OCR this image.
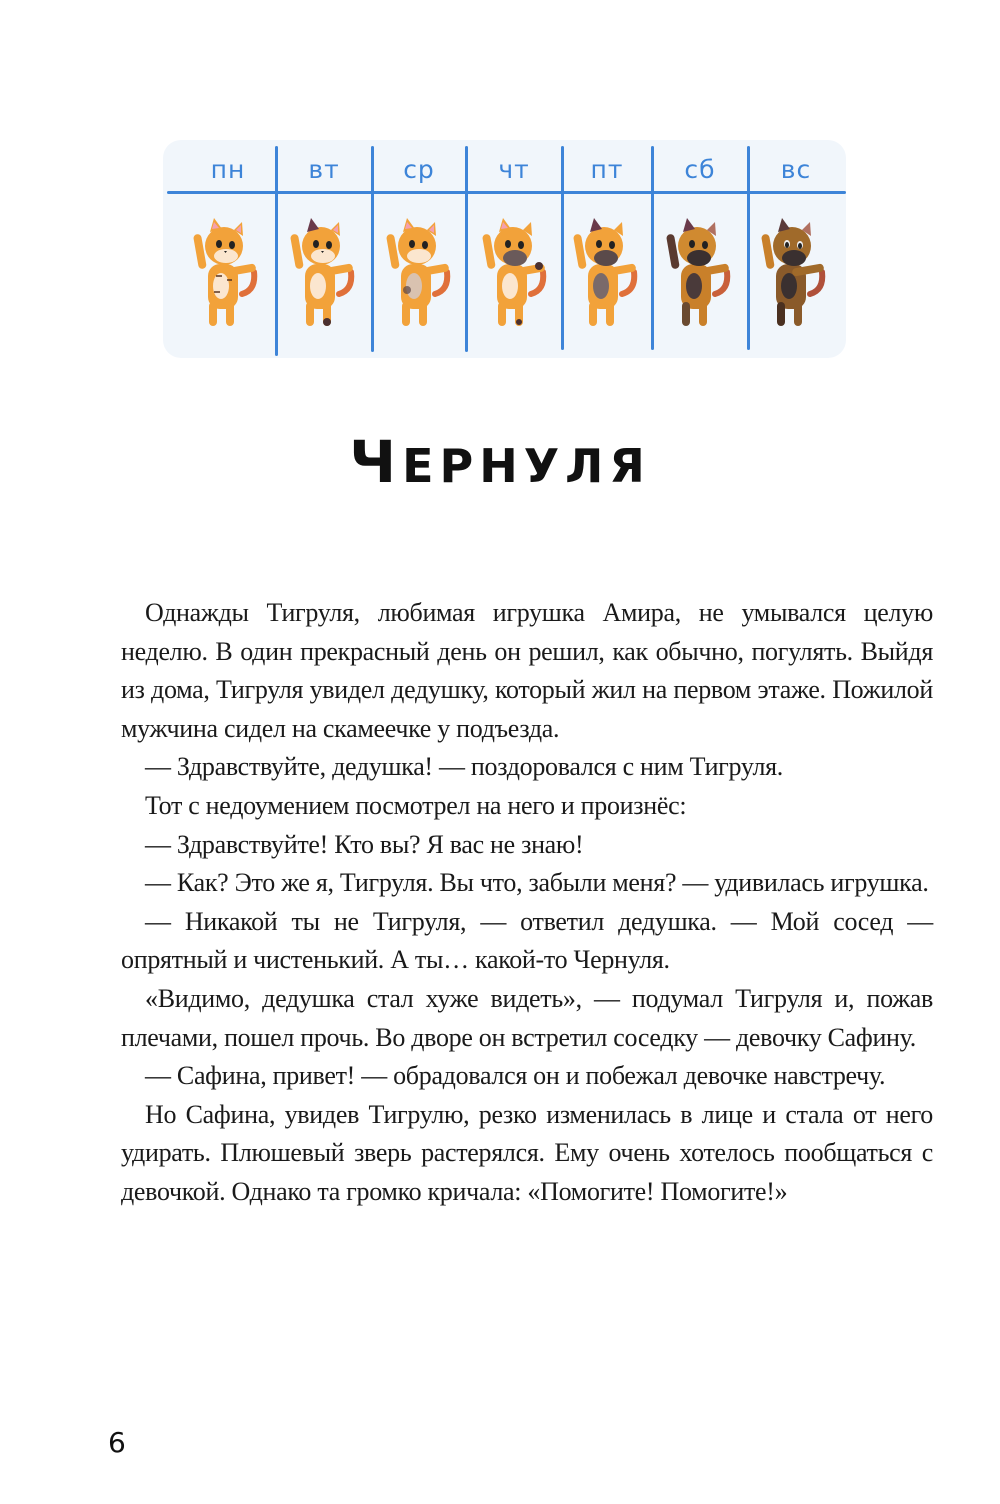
пн	вт	ср	чт	пт	сб	вс
ЧЕРНУЛЯ

Однажды Тигруля, любимая игрушка Амира, не умывался целую неделю. В один прекрасный день он решил, как обычно, погулять. Выйдя из дома, Тигруля увидел дедушку, который жил на первом этаже. Пожилой мужчина сидел на скамеечке у подъезда.

— Здравствуйте, дедушка! — поздоровался с ним Тигруля.

Тот с недоумением посмотрел на него и произнёс:

— Здравствуйте! Кто вы? Я вас не знаю!

— Как? Это же я, Тигруля. Вы что, забыли меня? — удивилась игрушка.

— Никакой ты не Тигруля, — ответил дедушка. — Мой сосед — опрятный и чистенький. А ты… какой-то Чернуля.

«Видимо, дедушка стал хуже видеть», — подумал Тигруля и, пожав плечами, пошел прочь. Во дворе он встретил соседку — девочку Сафину.

— Сафина, привет! — обрадовался он и побежал девочке навстречу.

Но Сафина, увидев Тигрулю, резко изменилась в лице и стала от него удирать. Плюшевый зверь растерялся. Ему очень хотелось пообщаться с девочкой. Однако та громко кричала: «Помогите! Помогите!»

6
